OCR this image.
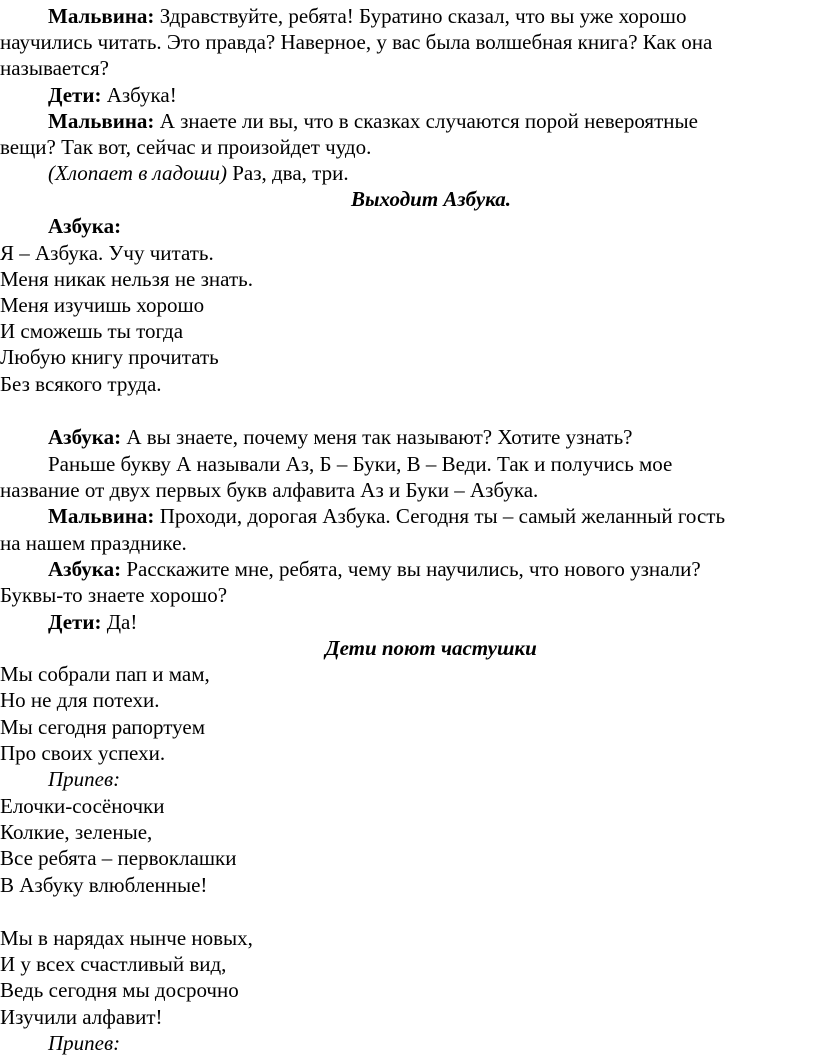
Мальвина: Здравствуйте, ребята! Буратино сказал, что вы уже хорошо
научились читать. Это правда? Наверное, у вас была волшебная книга? Как она
называется?
Дети: Азбука!
Мальвина: А знаете ли вы, что в сказках случаются порой невероятные
вещи? Так вот, сейчас и произойдет чудо.
(Хлопает в ладоши) Раз, два, три.
Выходит Азбука.
Азбука:
Я – Азбука. Учу читать.
Меня никак нельзя не знать.
Меня изучишь хорошо
И сможешь ты тогда
Любую книгу прочитать
Без всякого труда.
Азбука: А вы знаете, почему меня так называют? Хотите узнать?
Раньше букву А называли Аз, Б – Буки, В – Веди. Так и получись мое
название от двух первых букв алфавита Аз и Буки – Азбука.
Мальвина: Проходи, дорогая Азбука. Сегодня ты – самый желанный гость
на нашем празднике.
Азбука: Расскажите мне, ребята, чему вы научились, что нового узнали?
Буквы-то знаете хорошо?
Дети: Да!
Дети поют частушки
Мы собрали пап и мам,
Но не для потехи.
Мы сегодня рапортуем
Про своих успехи.
Припев:
Елочки-сосёночки
Колкие, зеленые,
Все ребята – первоклашки
В Азбуку влюбленные!
Мы в нарядах нынче новых,
И у всех счастливый вид,
Ведь сегодня мы досрочно
Изучили алфавит!
Припев:
